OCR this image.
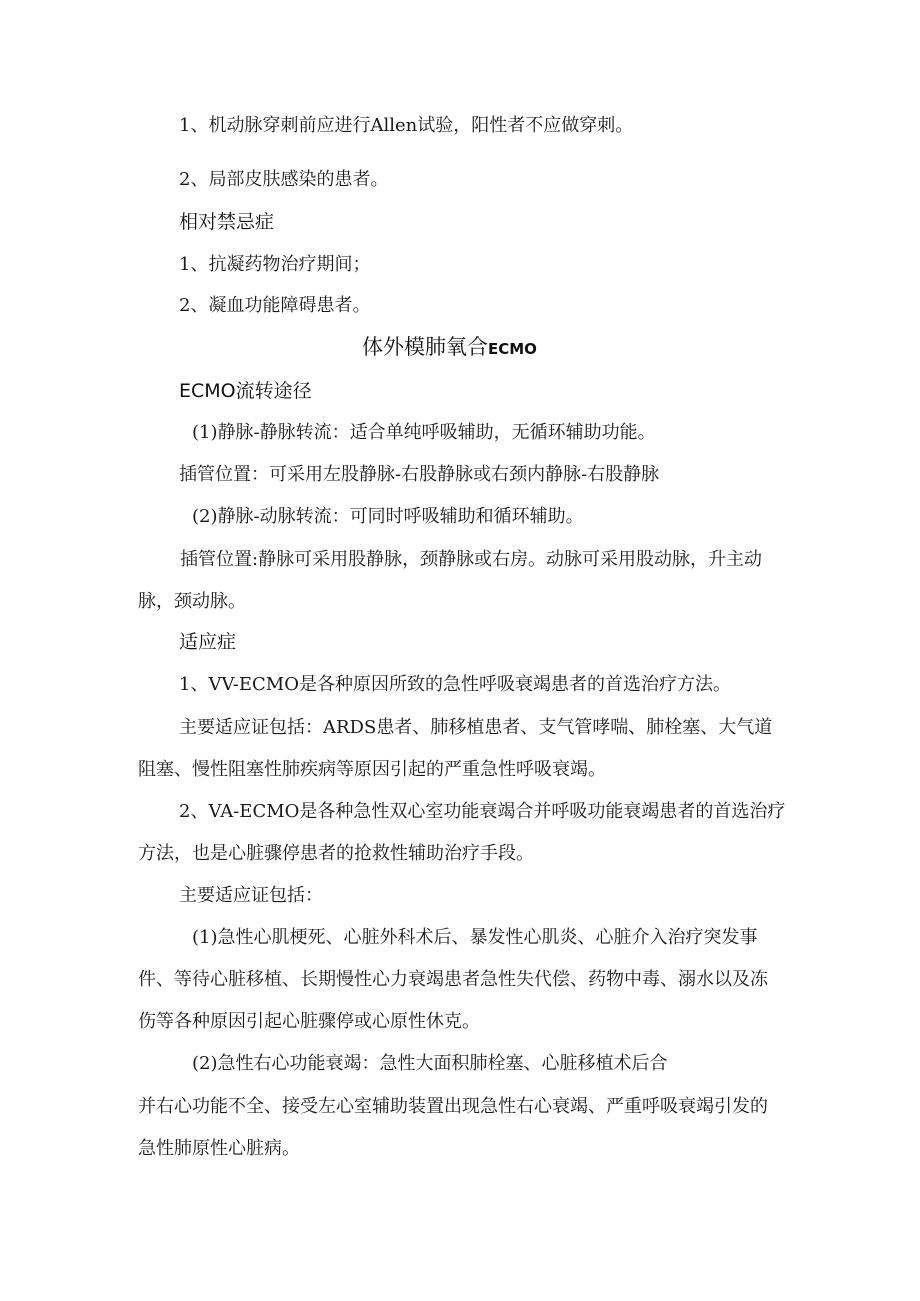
1、机动脉穿刺前应进行Allen试验，阳性者不应做穿刺。
2、局部皮肤感染的患者。
相对禁忌症
1、抗凝药物治疗期间；
2、凝血功能障碍患者。
体外模肺氧合ECMO
ECMO流转途径
(1)静脉-静脉转流：适合单纯呼吸辅助，无循环辅助功能。
插管位置：可采用左股静脉-右股静脉或右颈内静脉-右股静脉
(2)静脉-动脉转流：可同时呼吸辅助和循环辅助。
插管位置:静脉可采用股静脉，颈静脉或右房。动脉可采用股动脉，升主动
脉，颈动脉。
适应症
1、VV-ECMO是各种原因所致的急性呼吸衰竭患者的首选治疗方法。
主要适应证包括：ARDS患者、肺移植患者、支气管哮喘、肺栓塞、大气道
阻塞、慢性阻塞性肺疾病等原因引起的严重急性呼吸衰竭。
2、VA-ECMO是各种急性双心室功能衰竭合并呼吸功能衰竭患者的首选治疗
方法，也是心脏骤停患者的抢救性辅助治疗手段。
主要适应证包括：
(1)急性心肌梗死、心脏外科术后、暴发性心肌炎、心脏介入治疗突发事
件、等待心脏移植、长期慢性心力衰竭患者急性失代偿、药物中毒、溺水以及冻
伤等各种原因引起心脏骤停或心原性休克。
(2)急性右心功能衰竭：急性大面积肺栓塞、心脏移植术后合
并右心功能不全、接受左心室辅助装置出现急性右心衰竭、严重呼吸衰竭引发的
急性肺原性心脏病。
